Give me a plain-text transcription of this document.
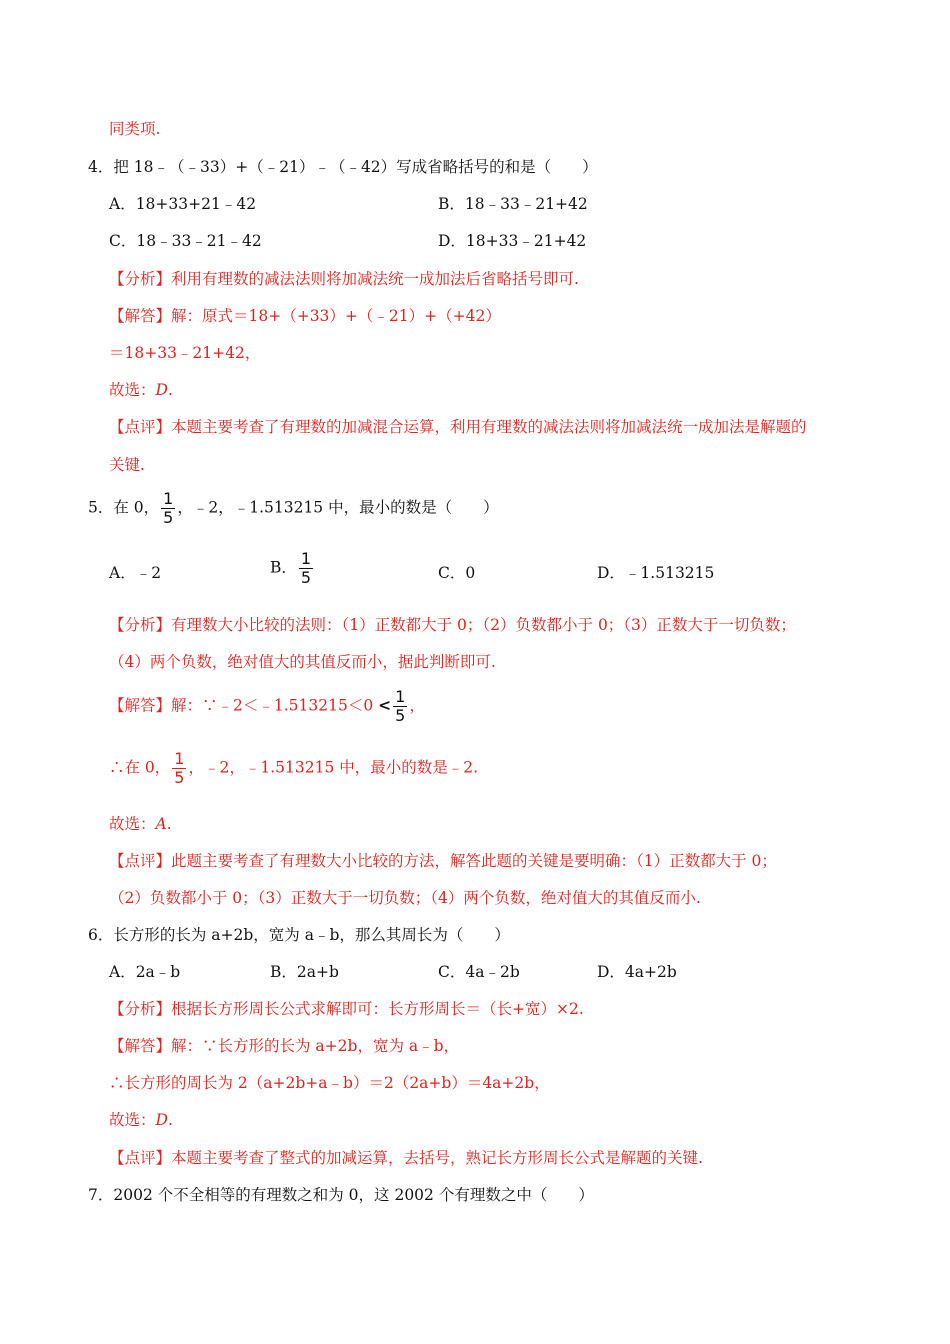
同类项.
4．把 18﹣（﹣33）+（﹣21）﹣（﹣42）写成省略括号的和是（　　）
A．18+33+21﹣42	B．18﹣33﹣21+42
C．18﹣33﹣21﹣42	D．18+33﹣21+42
【分析】利用有理数的减法法则将加减法统一成加法后省略括号即可.
【解答】解：原式＝18+（+33）+（﹣21）+（+42）
＝18+33﹣21+42，
故选：D.
【点评】本题主要考查了有理数的加减混合运算，利用有理数的减法法则将加减法统一成加法是解题的
关键.
5．在 0， $\frac{1}{5}$ ，﹣2，﹣1.513215 中，最小的数是（　　）
A．﹣2	B． $\frac{1}{5}$	C．0	D．﹣1.513215
【分析】有理数大小比较的法则：（1）正数都大于 0；（2）负数都小于 0；（3）正数大于一切负数；
（4）两个负数，绝对值大的其值反而小，据此判断即可.
【解答】解：∵﹣2＜﹣1.513215＜0 < $\frac{1}{5}$ ，
∴在 0， $\frac{1}{5}$ ，﹣2，﹣1.513215 中，最小的数是﹣2.
故选：A.
【点评】此题主要考查了有理数大小比较的方法，解答此题的关键是要明确：（1）正数都大于 0；
（2）负数都小于 0；（3）正数大于一切负数；（4）两个负数，绝对值大的其值反而小.
6．长方形的长为 a+2b，宽为 a﹣b，那么其周长为（　　）
A．2a﹣b	B．2a+b	C．4a﹣2b	D．4a+2b
【分析】根据长方形周长公式求解即可：长方形周长＝（长+宽）×2.
【解答】解：∵长方形的长为 a+2b，宽为 a﹣b，
∴长方形的周长为 2（a+2b+a﹣b）＝2（2a+b）＝4a+2b，
故选：D.
【点评】本题主要考查了整式的加减运算，去括号，熟记长方形周长公式是解题的关键.
7．2002 个不全相等的有理数之和为 0，这 2002 个有理数之中（　　）
